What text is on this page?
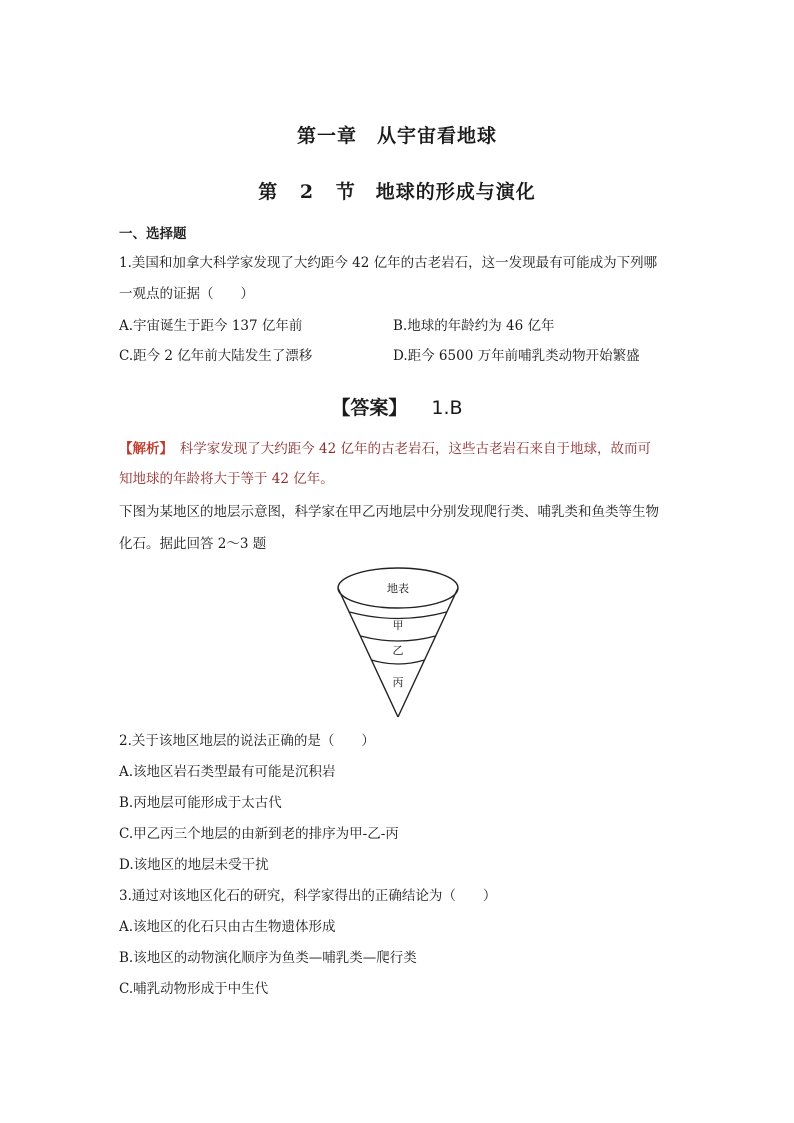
第一章　从宇宙看地球
第 2 节　地球的形成与演化
一、选择题
1.美国和加拿大科学家发现了大约距今 42 亿年的古老岩石，这一发现最有可能成为下列哪
一观点的证据（　　）
A.宇宙诞生于距今 137 亿年前	B.地球的年龄约为 46 亿年
C.距今 2 亿年前大陆发生了漂移	D.距今 6500 万年前哺乳类动物开始繁盛
【答案】 1.B
【解析】　科学家发现了大约距今 42 亿年的古老岩石，这些古老岩石来自于地球，故而可
知地球的年龄将大于等于 42 亿年。
下图为某地区的地层示意图，科学家在甲乙丙地层中分别发现爬行类、哺乳类和鱼类等生物
化石。据此回答 2～3 题
地表
甲
乙
丙
2.关于该地区地层的说法正确的是（　　）
A.该地区岩石类型最有可能是沉积岩
B.丙地层可能形成于太古代
C.甲乙丙三个地层的由新到老的排序为甲-乙-丙
D.该地区的地层未受干扰
3.通过对该地区化石的研究，科学家得出的正确结论为（　　）
A.该地区的化石只由古生物遗体形成
B.该地区的动物演化顺序为鱼类—哺乳类—爬行类
C.哺乳动物形成于中生代
